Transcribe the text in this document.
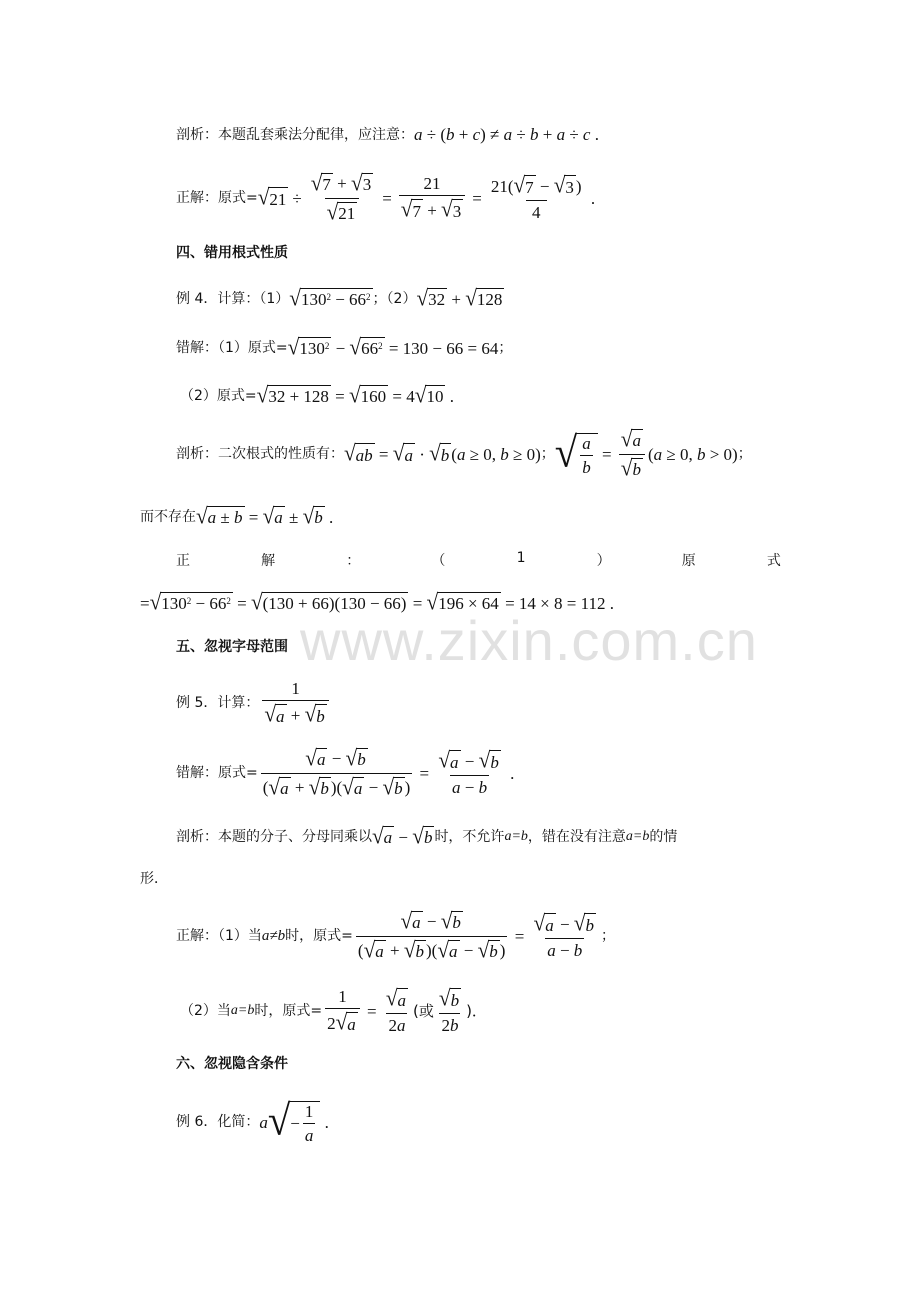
www.zixin.com.cn
剖析：本题乱套乘法分配律，应注意： a ÷ (b + c) ≠ a ÷ b + a ÷ c .
正解：原式= √ $21 \div \frac{√ 7 + √ 3}{√ 21} = \frac{21}{√ 7 + √ 3} = \frac{21( √ 7 - √ 3 )}{4}$ .
四、错用根式性质
例 4．计算：（1） √ 130 2 − 66 2 ；（2） √ 32 + √ 128
错解：（1）原式= √ 130 2 − √ 66 2 = 130 − 66 = 64 ；
（2）原式= √ 32 + 128 = √ 160 = 4 √ 10 .
剖析：二次根式的性质有： √ ab = √ a · √ b ( a ≥ 0, b ≥ 0) ； √ a
b
=
√ a
√ b
( a ≥ 0, b > 0) ；
而不存在 √ a ± b = √ a ± √ b .
正	解	：	（	1	）	原	式
= √ 130 2 − 66 2 = √ (130 + 66)(130 − 66) = √ 196 × 64 = 14 × 8 = 112 .
五、忽视字母范围
例 5．计算：
1
√ a + √ b
错解：原式=
√ a − √ b
( √ a + √ b )( √ a − √ b )
=
√ a − √ b
a − b
.
剖析：本题的分子、分母同乘以 √ a − √ b 时，不允许 a=b ，错在没有注意 a=b 的情
形．
正解：（1）当 a≠b 时，原式=
√ a − √ b
( √ a + √ b )( √ a − √ b )
=
√ a − √ b
a − b
；
（2）当 a=b 时，原式=
1
2 √ a
=
√ a
2 a
(或 √ b
2 b
)．
六、忽视隐含条件
例 6．化简： a √ −
1
a
.
